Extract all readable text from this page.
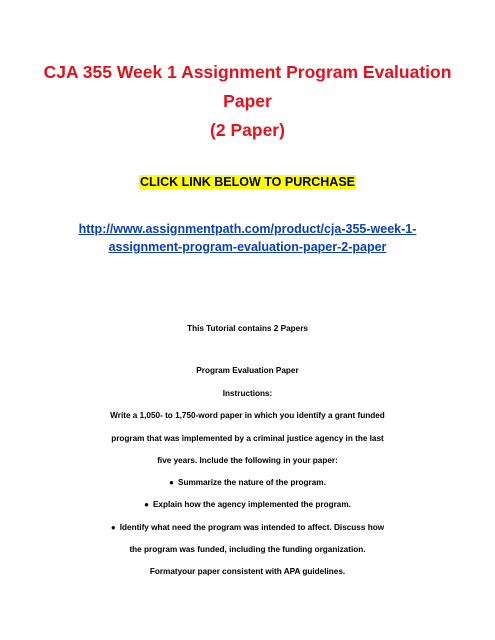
CJA 355 Week 1 Assignment Program Evaluation Paper
(2 Paper)

CLICK LINK BELOW TO PURCHASE

http://www.assignmentpath.com/product/cja-355-week-1-
assignment-program-evaluation-paper-2-paper

This Tutorial contains 2 Papers

Program Evaluation Paper

Instructions:

Write a 1,050- to 1,750-word paper in which you identify a grant funded

program that was implemented by a criminal justice agency in the last

five years. Include the following in your paper:

● Summarize the nature of the program.

● Explain how the agency implemented the program.

● Identify what need the program was intended to affect. Discuss how

the program was funded, including the funding organization.

Formatyour paper consistent with APA guidelines.
